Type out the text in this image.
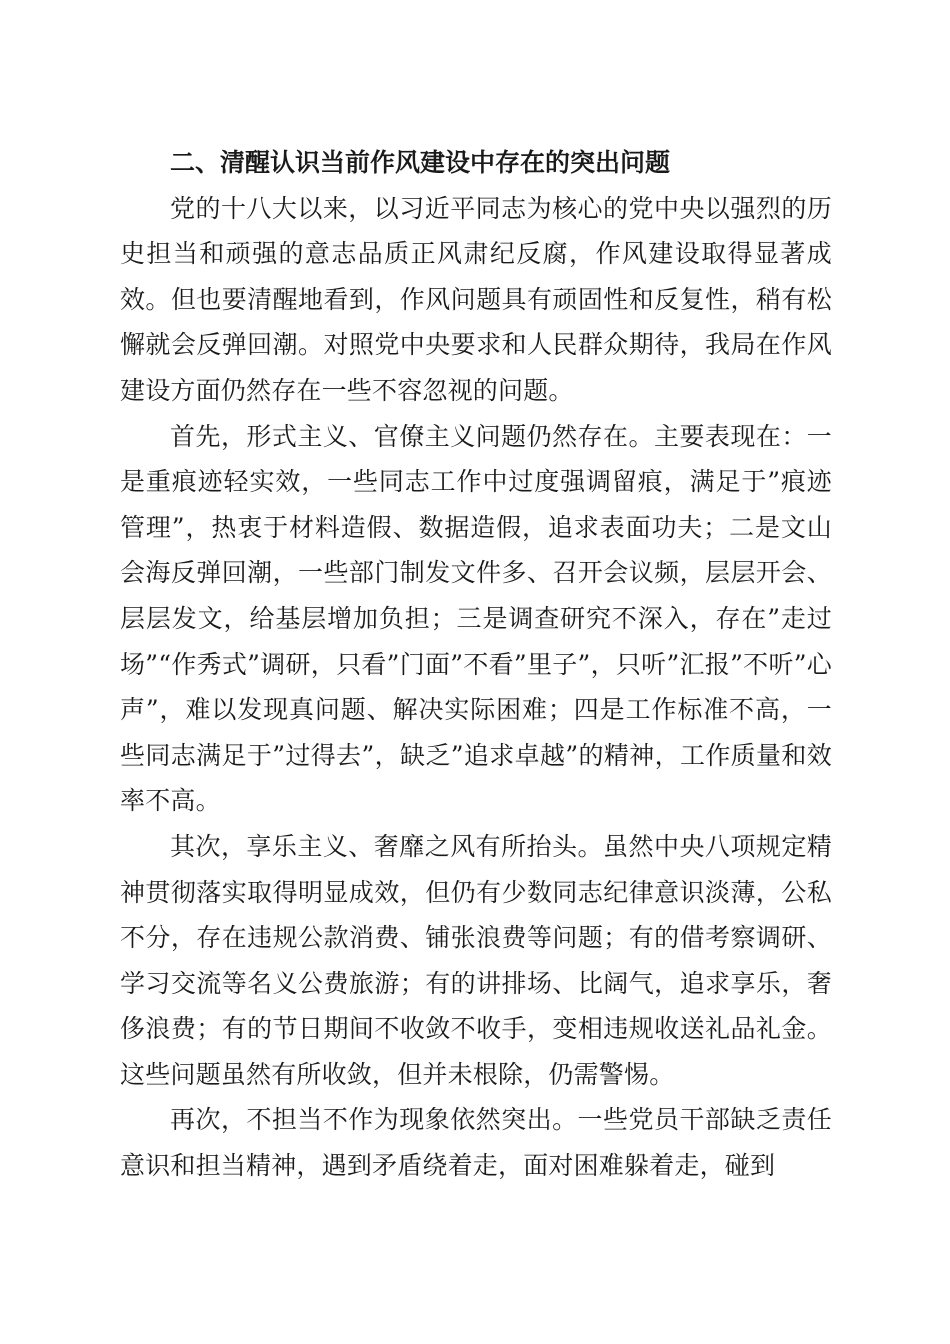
二、清醒认识当前作风建设中存在的突出问题

党的十八大以来，以习近平同志为核心的党中央以强烈的历史担当和顽强的意志品质正风肃纪反腐，作风建设取得显著成效。但也要清醒地看到，作风问题具有顽固性和反复性，稍有松懈就会反弹回潮。对照党中央要求和人民群众期待，我局在作风建设方面仍然存在一些不容忽视的问题。

首先，形式主义、官僚主义问题仍然存在。主要表现在：一是重痕迹轻实效，一些同志工作中过度强调留痕，满足于”痕迹管理”，热衷于材料造假、数据造假，追求表面功夫；二是文山会海反弹回潮，一些部门制发文件多、召开会议频，层层开会、层层发文，给基层增加负担；三是调查研究不深入，存在”走过场”“作秀式”调研，只看”门面”不看”里子”，只听”汇报”不听”心声”，难以发现真问题、解决实际困难；四是工作标准不高，一些同志满足于”过得去”，缺乏”追求卓越”的精神，工作质量和效率不高。

其次，享乐主义、奢靡之风有所抬头。虽然中央八项规定精神贯彻落实取得明显成效，但仍有少数同志纪律意识淡薄，公私不分，存在违规公款消费、铺张浪费等问题；有的借考察调研、学习交流等名义公费旅游；有的讲排场、比阔气，追求享乐，奢侈浪费；有的节日期间不收敛不收手，变相违规收送礼品礼金。这些问题虽然有所收敛，但并未根除，仍需警惕。

再次，不担当不作为现象依然突出。一些党员干部缺乏责任意识和担当精神，遇到矛盾绕着走，面对困难躲着走，碰到
